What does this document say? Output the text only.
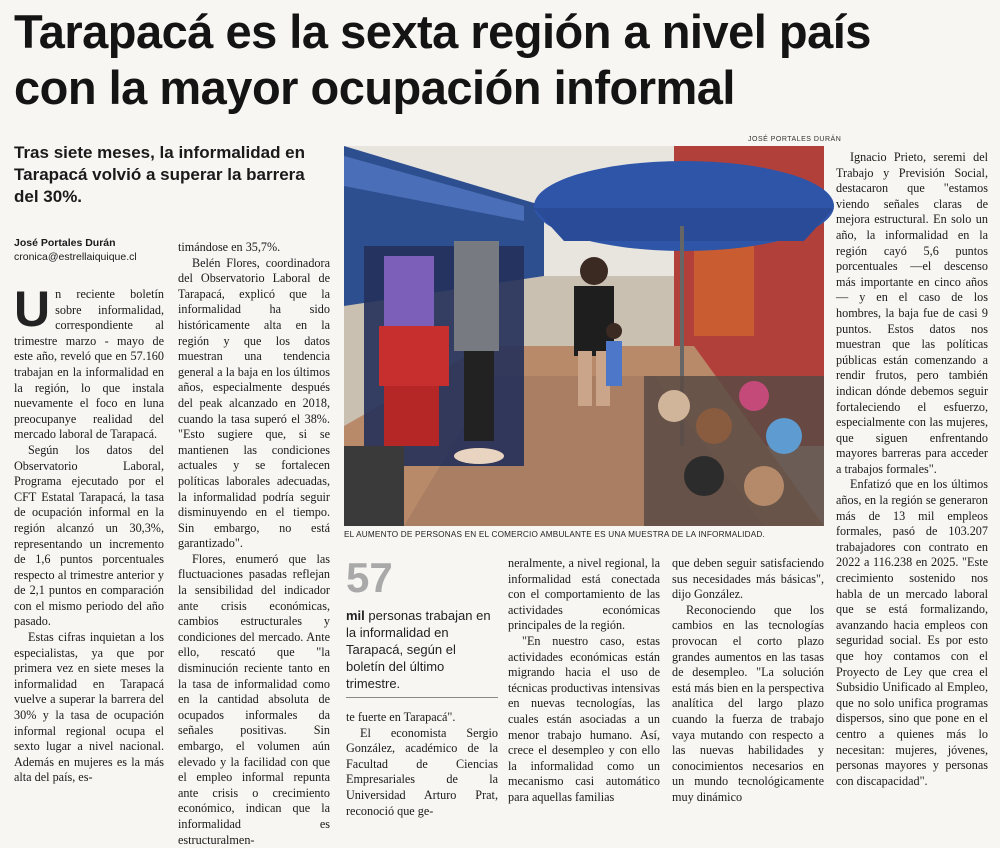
Tarapacá es la sexta región a nivel país
con la mayor ocupación informal
Tras siete meses, la informalidad en Tarapacá volvió a superar la barrera del 30%.
José Portales Durán
cronica@estrellaiquique.cl

Un reciente boletín sobre informalidad, correspondiente al trimestre marzo - mayo de este año, reveló que en 57.160 trabajan en la informalidad en la región, lo que instala nuevamente el foco en luna preocupanye realidad del mercado laboral de Tarapacá.

Según los datos del Observatorio Laboral, Programa ejecutado por el CFT Estatal Tarapacá, la tasa de ocupación informal en la región alcanzó un 30,3%, representando un incremento de 1,6 puntos porcentuales respecto al trimestre anterior y de 2,1 puntos en comparación con el mismo periodo del año pasado.

Estas cifras inquietan a los especialistas, ya que por primera vez en siete meses la informalidad en Tarapacá vuelve a superar la barrera del 30% y la tasa de ocupación informal regional ocupa el sexto lugar a nivel nacional. Además en mujeres es la más alta del país, es-

timándose en 35,7%.

Belén Flores, coordinadora del Observatorio Laboral de Tarapacá, explicó que la informalidad ha sido históricamente alta en la región y que los datos muestran una tendencia general a la baja en los últimos años, especialmente después del peak alcanzado en 2018, cuando la tasa superó el 38%. "Esto sugiere que, si se mantienen las condiciones actuales y se fortalecen políticas laborales adecuadas, la informalidad podría seguir disminuyendo en el tiempo. Sin embargo, no está garantizado".

Flores, enumeró que las fluctuaciones pasadas reflejan la sensibilidad del indicador ante crisis económicas, cambios estructurales y condiciones del mercado. Ante ello, rescató que "la disminución reciente tanto en la tasa de informalidad como en la cantidad absoluta de ocupados informales da señales positivas. Sin embargo, el volumen aún elevado y la facilidad con que el empleo informal repunta ante crisis o crecimiento económico, indican que la informalidad es estructuralmen-

JOSÉ PORTALES DURÁN
EL AUMENTO DE PERSONAS EN EL COMERCIO AMBULANTE ES UNA MUESTRA DE LA INFORMALIDAD.
57
mil personas trabajan en la informalidad en Tarapacá, según el boletín del último trimestre.

te fuerte en Tarapacá".

El economista Sergio González, académico de la Facultad de Ciencias Empresariales de la Universidad Arturo Prat, reconoció que ge-

neralmente, a nivel regional, la informalidad está conectada con el comportamiento de las actividades económicas principales de la región.

"En nuestro caso, estas actividades económicas están migrando hacia el uso de técnicas productivas intensivas en nuevas tecnologías, las cuales están asociadas a un menor trabajo humano. Así, crece el desempleo y con ello la informalidad como un mecanismo casi automático para aquellas familias

que deben seguir satisfaciendo sus necesidades más básicas", dijo González.

Reconociendo que los cambios en las tecnologías provocan el corto plazo grandes aumentos en las tasas de desempleo. "La solución está más bien en la perspectiva analítica del largo plazo cuando la fuerza de trabajo vaya mutando con respecto a las nuevas habilidades y conocimientos necesarios en un mundo tecnológicamente muy dinámico

Ignacio Prieto, seremi del Trabajo y Previsión Social, destacaron que "estamos viendo señales claras de mejora estructural. En solo un año, la informalidad en la región cayó 5,6 puntos porcentuales —el descenso más importante en cinco años— y en el caso de los hombres, la baja fue de casi 9 puntos. Estos datos nos muestran que las políticas públicas están comenzando a rendir frutos, pero también indican dónde debemos seguir fortaleciendo el esfuerzo, especialmente con las mujeres, que siguen enfrentando mayores barreras para acceder a trabajos formales".

Enfatizó que en los últimos años, en la región se generaron más de 13 mil empleos formales, pasó de 103.207 trabajadores con contrato en 2022 a 116.238 en 2025. "Este crecimiento sostenido nos habla de un mercado laboral que se está formalizando, avanzando hacia empleos con seguridad social. Es por esto que hoy contamos con el Proyecto de Ley que crea el Subsidio Unificado al Empleo, que no solo unifica programas dispersos, sino que pone en el centro a quienes más lo necesitan: mujeres, jóvenes, personas mayores y personas con discapacidad".
